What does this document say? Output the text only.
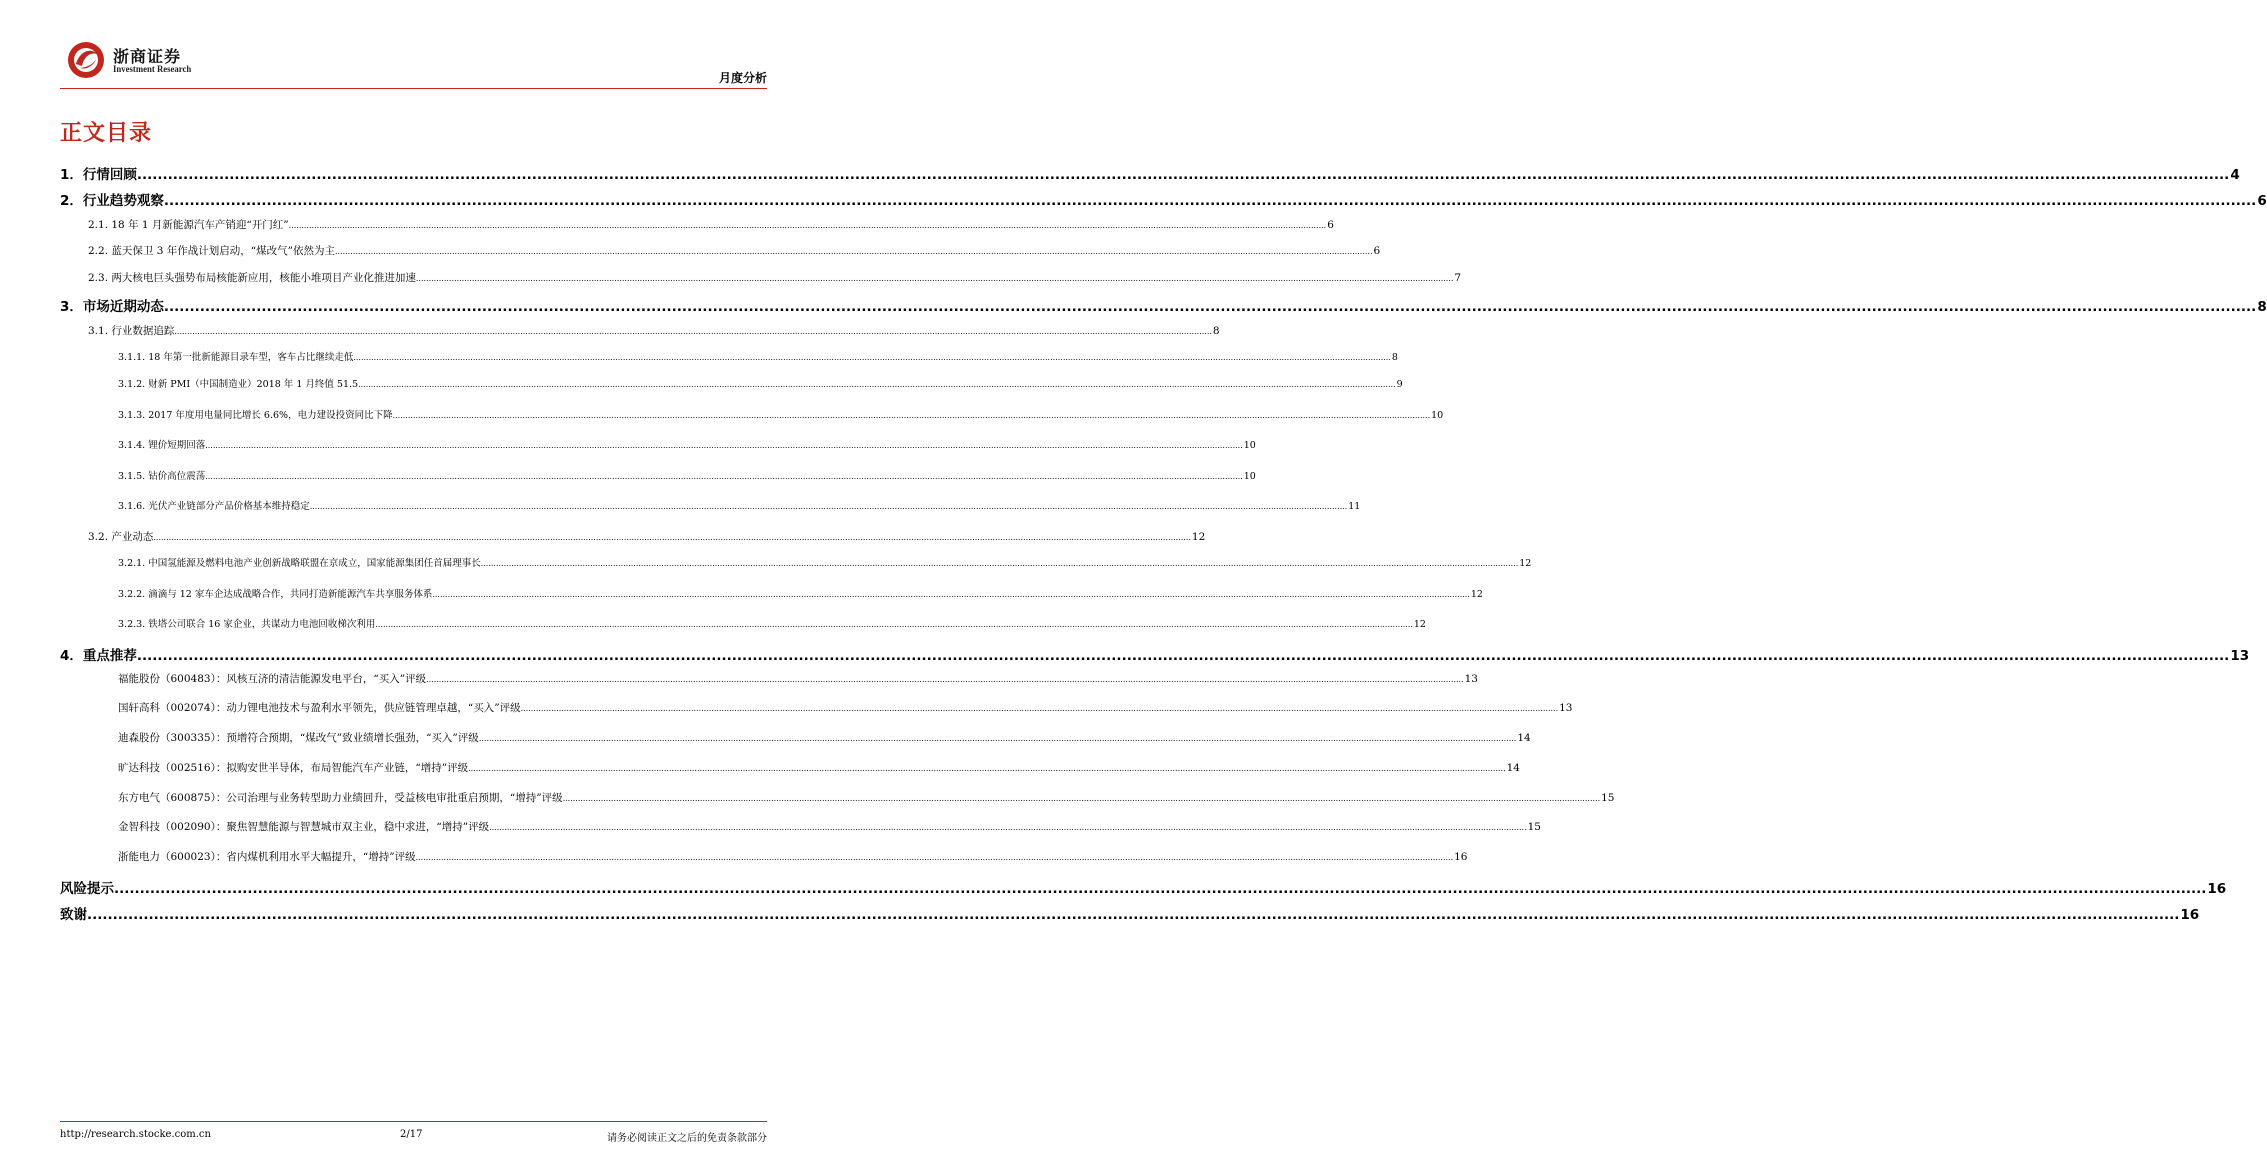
浙商证券
Investment Research
月度分析
正文目录
1．行情回顾 .....	4
2．行业趋势观察 .....	6
2.1. 18 年 1 月新能源汽车产销迎“开门红” .....	6
2.2. 蓝天保卫 3 年作战计划启动，“煤改气”依然为主 .....	6
2.3. 两大核电巨头强势布局核能新应用，核能小堆项目产业化推进加速 .....	7
3．市场近期动态 .....	8
3.1. 行业数据追踪 .....	8
3.1.1. 18 年第一批新能源目录车型，客车占比继续走低 .....	8
3.1.2. 财新 PMI（中国制造业）2018 年 1 月终值 51.5 .....	9
3.1.3. 2017 年度用电量同比增长 6.6%，电力建设投资同比下降 .....	10
3.1.4. 锂价短期回落 .....	10
3.1.5. 钴价高位震荡 .....	10
3.1.6. 光伏产业链部分产品价格基本维持稳定 .....	11
3.2. 产业动态 .....	12
3.2.1. 中国氢能源及燃料电池产业创新战略联盟在京成立，国家能源集团任首届理事长 .....	12
3.2.2. 滴滴与 12 家车企达成战略合作，共同打造新能源汽车共享服务体系 .....	12
3.2.3. 铁塔公司联合 16 家企业，共谋动力电池回收梯次利用 .....	12
4．重点推荐 .....	13
福能股份（600483）：风核互济的清洁能源发电平台，“买入”评级 .....	13
国轩高科（002074）：动力锂电池技术与盈利水平领先，供应链管理卓越，“买入”评级 .....	13
迪森股份（300335）：预增符合预期，“煤改气”致业绩增长强劲，“买入”评级 .....	14
旷达科技（002516）：拟购安世半导体，布局智能汽车产业链，“增持”评级 .....	14
东方电气（600875）：公司治理与业务转型助力业绩回升，受益核电审批重启预期，“增持”评级 .....	15
金智科技（002090）：聚焦智慧能源与智慧城市双主业，稳中求进，“增持”评级 .....	15
浙能电力（600023）：省内煤机利用水平大幅提升，“增持”评级 .....	16
风险提示 .....	16
致谢 .....	16
http://research.stocke.com.cn	2/17	请务必阅读正文之后的免责条款部分
